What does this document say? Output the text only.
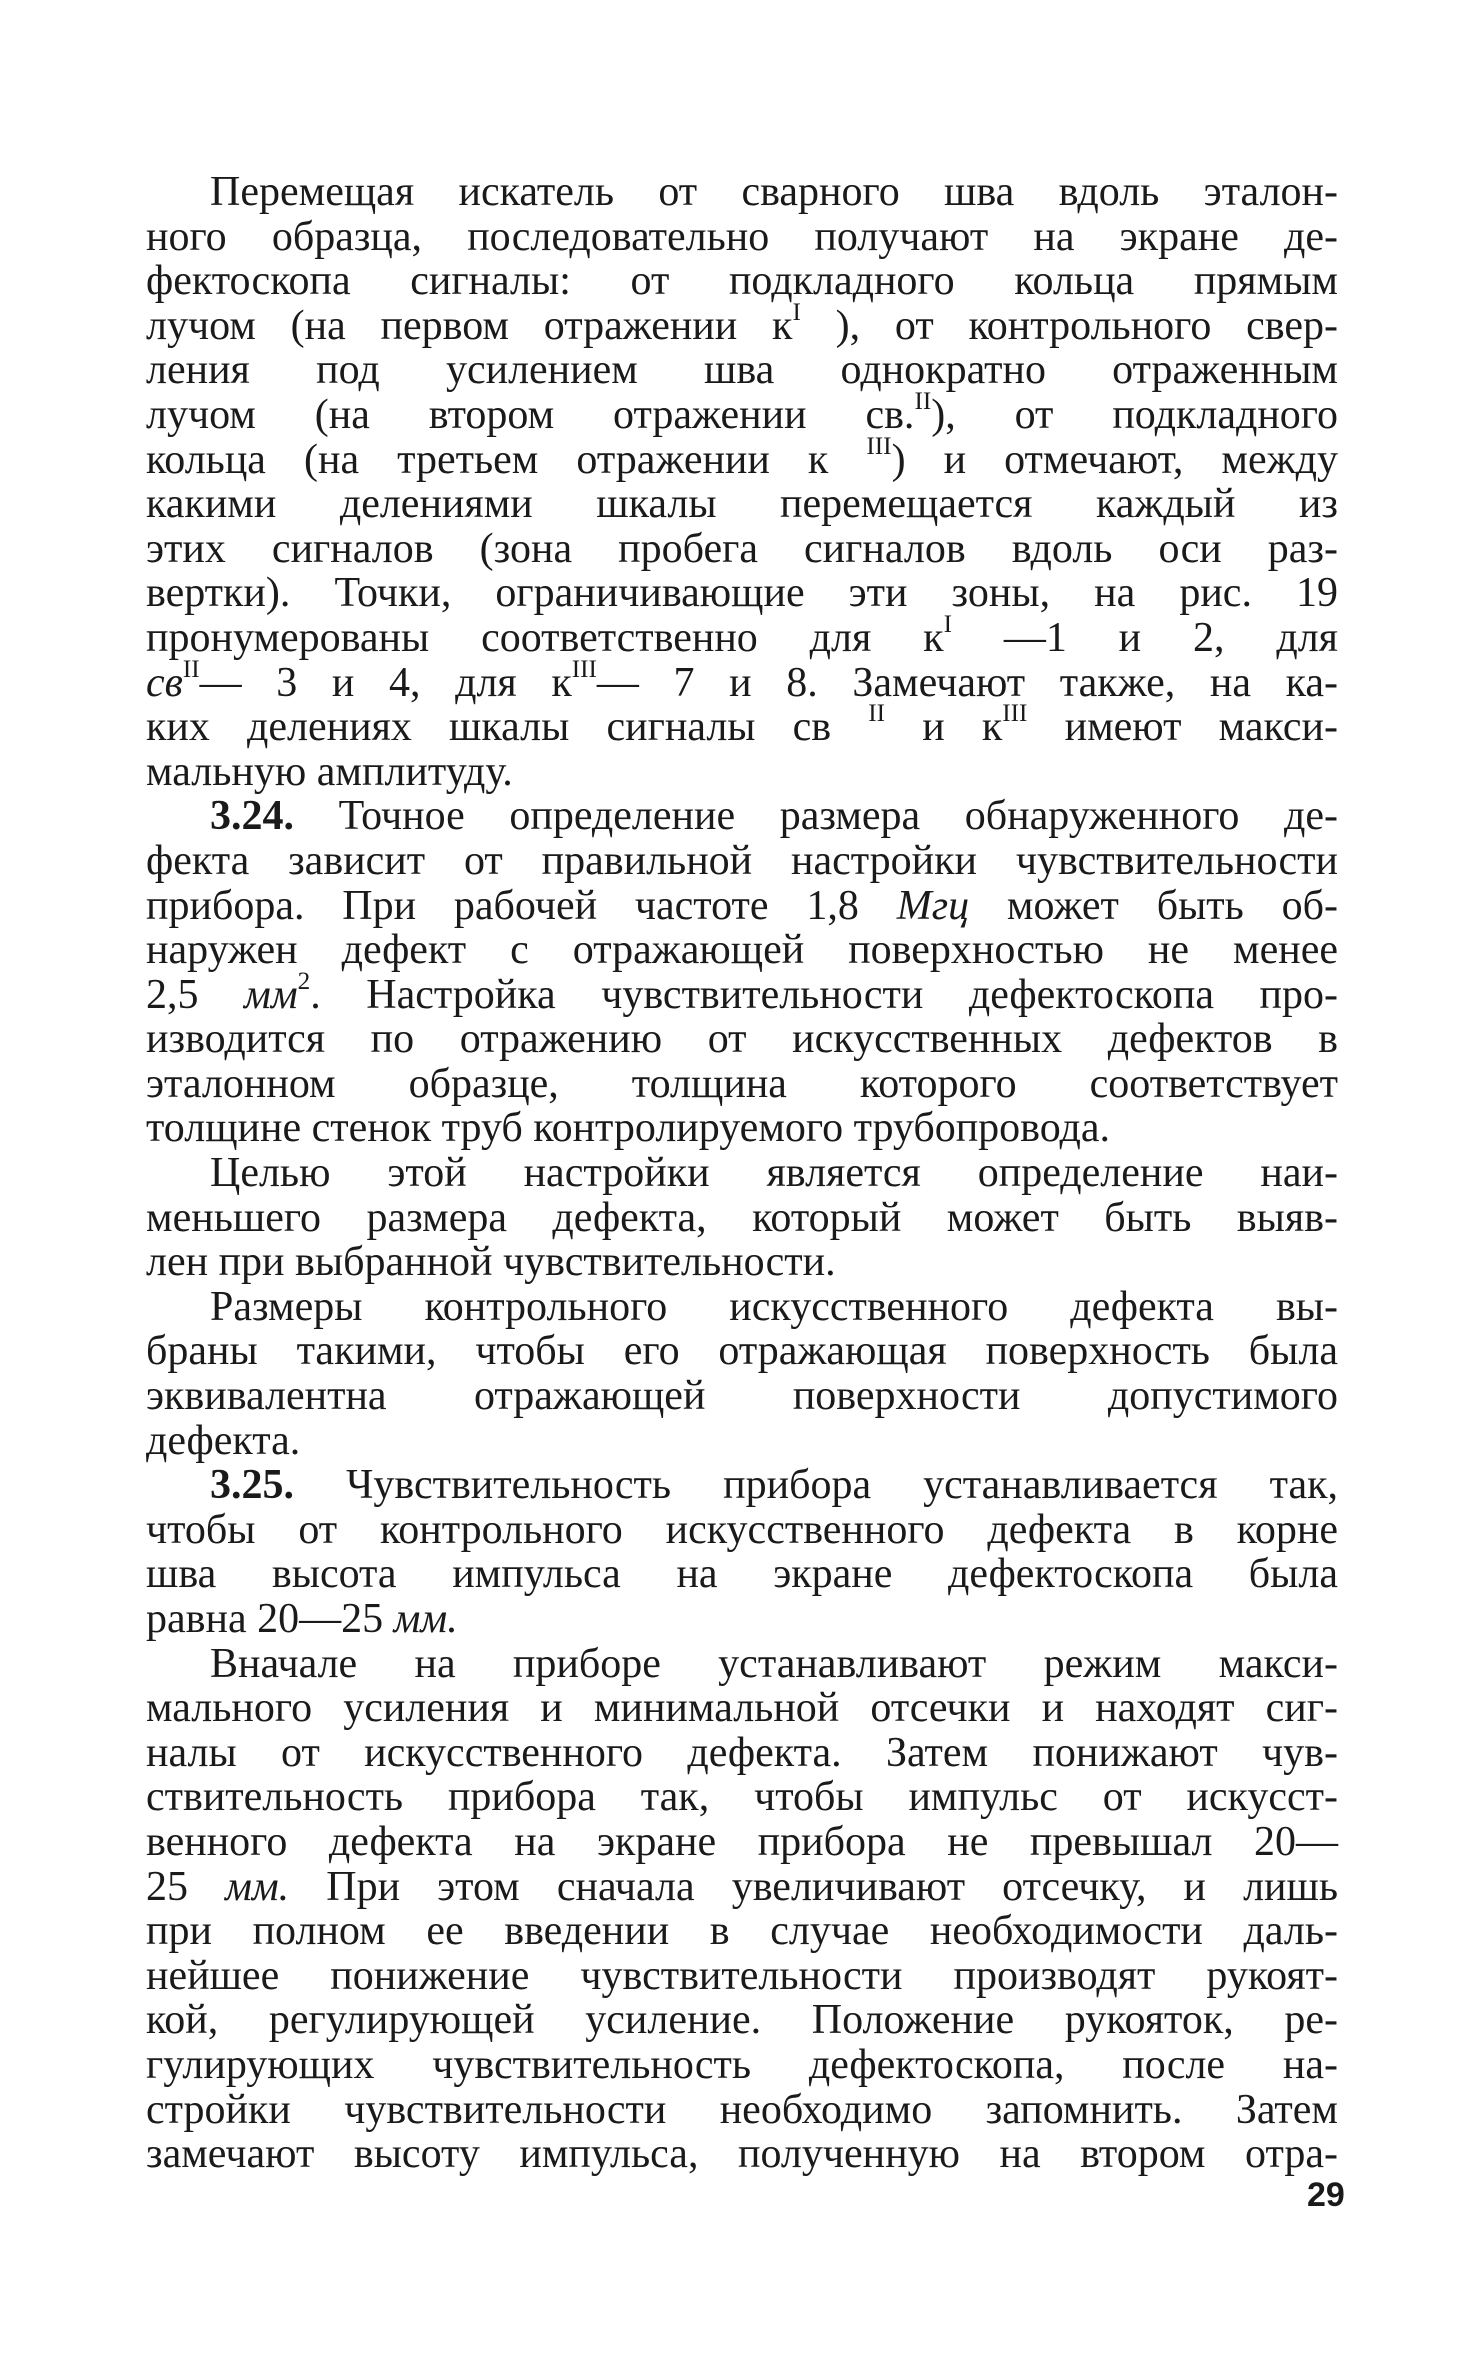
Перемещая искатель от сварного шва вдоль эталон-
ного образца, последовательно получают на экране де-
фектоскопа сигналы: от подкладного кольца прямым
лучом (на первом отражении $к^I$ ), от контрольного свер-
ления под усилением шва однократно отраженным
лучом (на втором отражении св.$^{II}$), от подкладного
кольца (на третьем отражении к $^{III}$) и отмечают, между
какими делениями шкалы перемещается каждый из
этих сигналов (зона пробега сигналов вдоль оси раз-
вертки). Точки, ограничивающие эти зоны, на рис. 19
пронумерованы соответственно для $к^I$ —1 и 2, для
$св^{II}—$ 3 и 4, для $к^{III}—$ 7 и 8. Замечают также, на ка-
ких делениях шкалы сигналы св $^{II}$ и $к^{III}$ имеют макси-
мальную амплитуду.

3.24. Точное определение размера обнаруженного де-
фекта зависит от правильной настройки чувствительности
прибора. При рабочей частоте 1,8 Мгц может быть об-
наружен дефект с отражающей поверхностью не менее
2,5 $мм^2$. Настройка чувствительности дефектоскопа про-
изводится по отражению от искусственных дефектов в
эталонном образце, толщина которого соответствует
толщине стенок труб контролируемого трубопровода.

Целью этой настройки является определение наи-
меньшего размера дефекта, который может быть выяв-
лен при выбранной чувствительности.

Размеры контрольного искусственного дефекта вы-
браны такими, чтобы его отражающая поверхность была
эквивалентна отражающей поверхности допустимого
дефекта.

3.25. Чувствительность прибора устанавливается так,
чтобы от контрольного искусственного дефекта в корне
шва высота импульса на экране дефектоскопа была
равна 20—25 мм.

Вначале на приборе устанавливают режим макси-
мального усиления и минимальной отсечки и находят сиг-
налы от искусственного дефекта. Затем понижают чув-
ствительность прибора так, чтобы импульс от искусст-
венного дефекта на экране прибора не превышал 20—
25 мм. При этом сначала увеличивают отсечку, и лишь
при полном ее введении в случае необходимости даль-
нейшее понижение чувствительности производят рукоят-
кой, регулирующей усиление. Положение рукояток, ре-
гулирующих чувствительность дефектоскопа, после на-
стройки чувствительности необходимо запомнить. Затем
замечают высоту импульса, полученную на втором отра-

29
